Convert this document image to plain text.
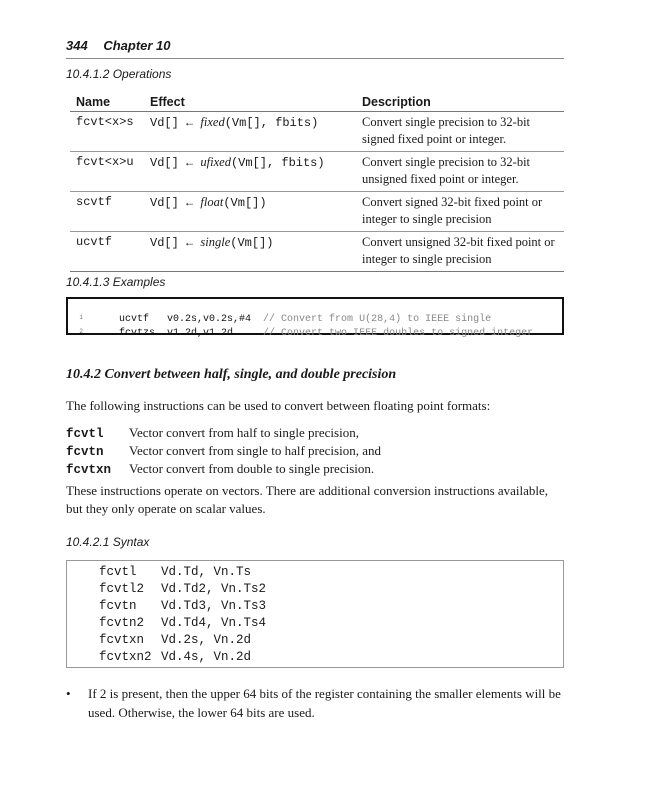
344 Chapter 10
10.4.1.2 Operations
Name	Effect	Description
fcvt<x>s	Vd[] ← fixed(Vm[], fbits)	Convert single precision to 32-bit signed fixed point or integer.
fcvt<x>u	Vd[] ← ufixed(Vm[], fbits)	Convert single precision to 32-bit unsigned fixed point or integer.
scvtf	Vd[] ← float(Vm[])	Convert signed 32-bit fixed point or integer to single precision
ucvtf	Vd[] ← single(Vm[])	Convert unsigned 32-bit fixed point or integer to single precision
10.4.1.3 Examples

1	ucvtf   v0.2s,v0.2s,#4  // Convert from U(28,4) to IEEE single

2	fcvtzs  v1.2d,v1.2d     // Convert two IEEE doubles to signed integer

10.4.2 Convert between half, single, and double precision
The following instructions can be used to convert between floating point formats:
fcvtl Vector convert from half to single precision,
fcvtn Vector convert from single to half precision, and
fcvtxn Vector convert from double to single precision.
These instructions operate on vectors. There are additional conversion instructions available, but they only operate on scalar values.
10.4.2.1 Syntax
fcvtl Vd.Td, Vn.Ts
fcvtl2 Vd.Td2, Vn.Ts2
fcvtn Vd.Td3, Vn.Ts3
fcvtn2 Vd.Td4, Vn.Ts4
fcvtxn Vd.2s, Vn.2d
fcvtxn2 Vd.4s, Vn.2d
• If 2 is present, then the upper 64 bits of the register containing the smaller elements will be used. Otherwise, the lower 64 bits are used.
